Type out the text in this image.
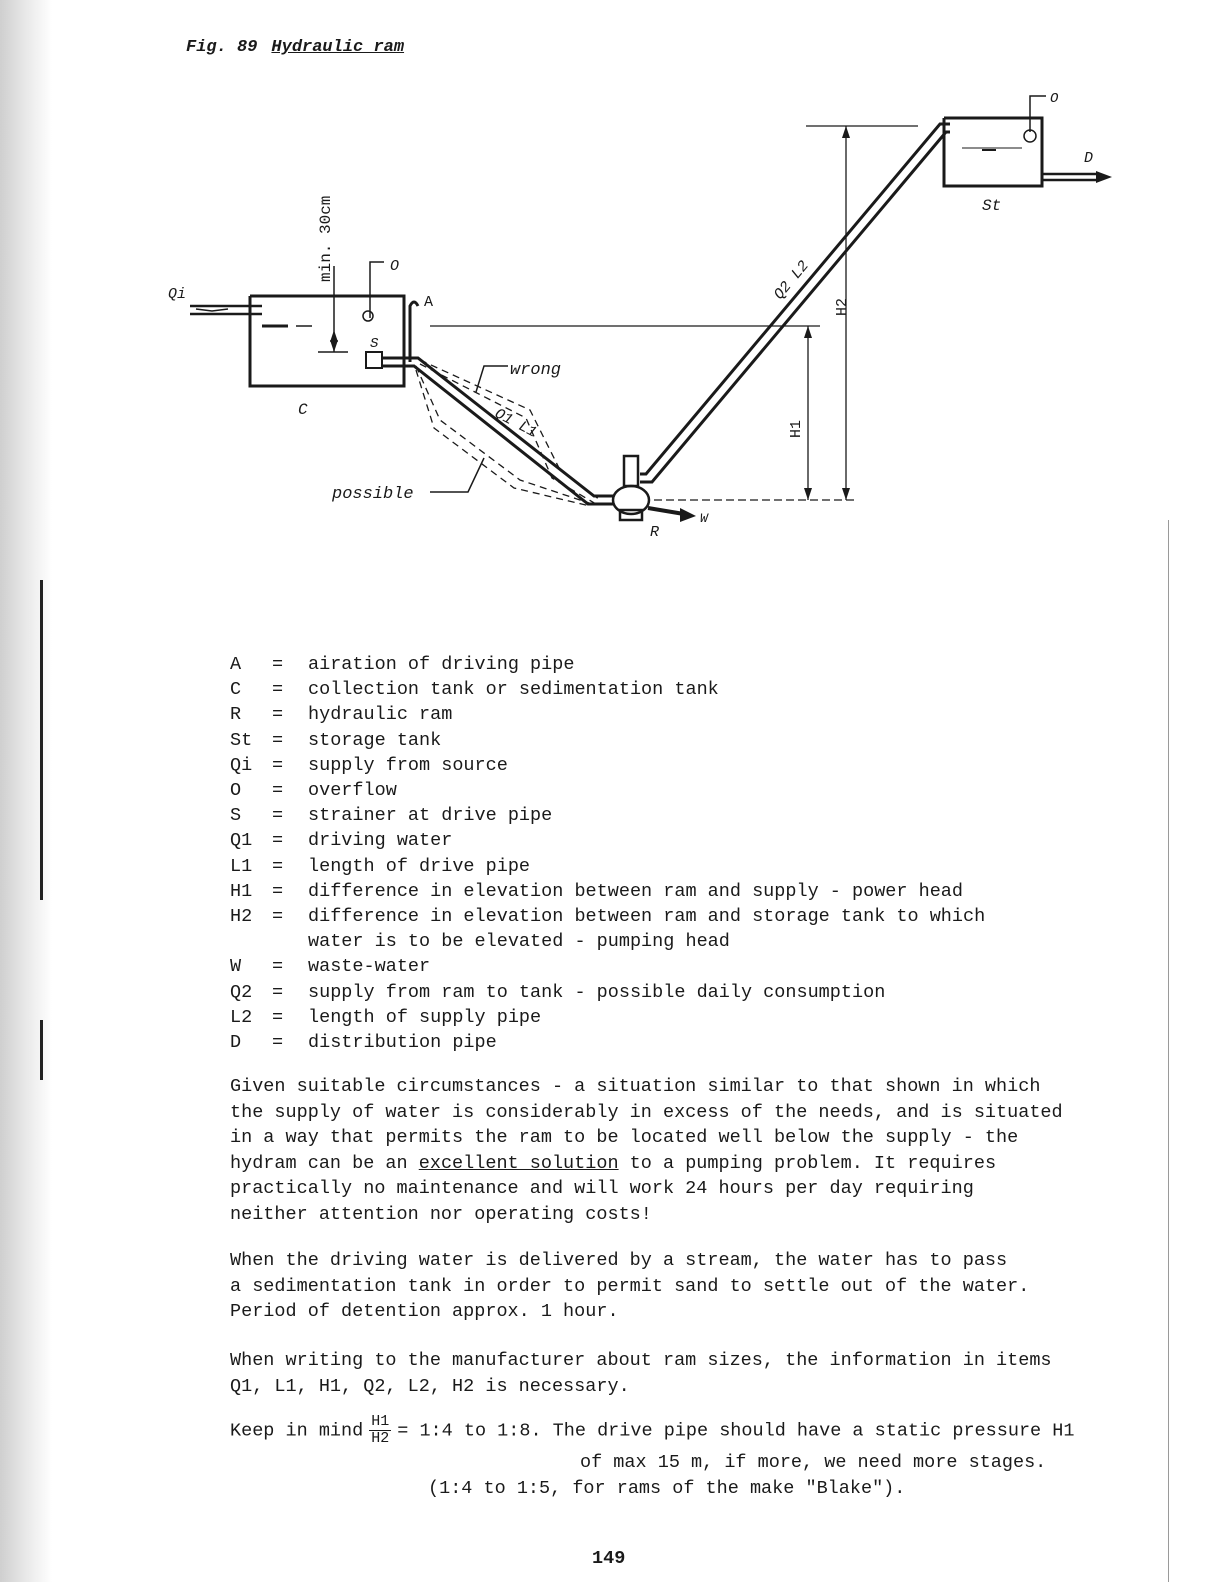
Fig. 89 Hydraulic ram
Qi
C
min. 30cm	O
A
S
wrong
possible
Q1 L1
R
W
Q2 L2
O
D
St
H1
H2
A	=	airation of driving pipe
C	=	collection tank or sedimentation tank
R	=	hydraulic ram
St	=	storage tank
Qi	=	supply from source
O	=	overflow
S	=	strainer at drive pipe
Q1	=	driving water
L1	=	length of drive pipe
H1	=	difference in elevation between ram and supply - power head
H2	=	difference in elevation between ram and storage tank to which
water is to be elevated - pumping head
W	=	waste-water
Q2	=	supply from ram to tank - possible daily consumption
L2	=	length of supply pipe
D	=	distribution pipe
Given suitable circumstances - a situation similar to that shown in which
the supply of water is considerably in excess of the needs, and is situated
in a way that permits the ram to be located well below the supply - the
hydram can be an excellent solution to a pumping problem. It requires
practically no maintenance and will work 24 hours per day requiring
neither attention nor operating costs!
When the driving water is delivered by a stream, the water has to pass
a sedimentation tank in order to permit sand to settle out of the water.
Period of detention approx. 1 hour.
When writing to the manufacturer about ram sizes, the information in items
Q1, L1, H1, Q2, L2, H2 is necessary.
Keep in mind $\frac{H1}{H2}$ = 1:4 to 1:8. The drive pipe should have a static pressure H1
of max 15 m, if more, we need more stages.
(1:4 to 1:5, for rams of the make "Blake").
149
